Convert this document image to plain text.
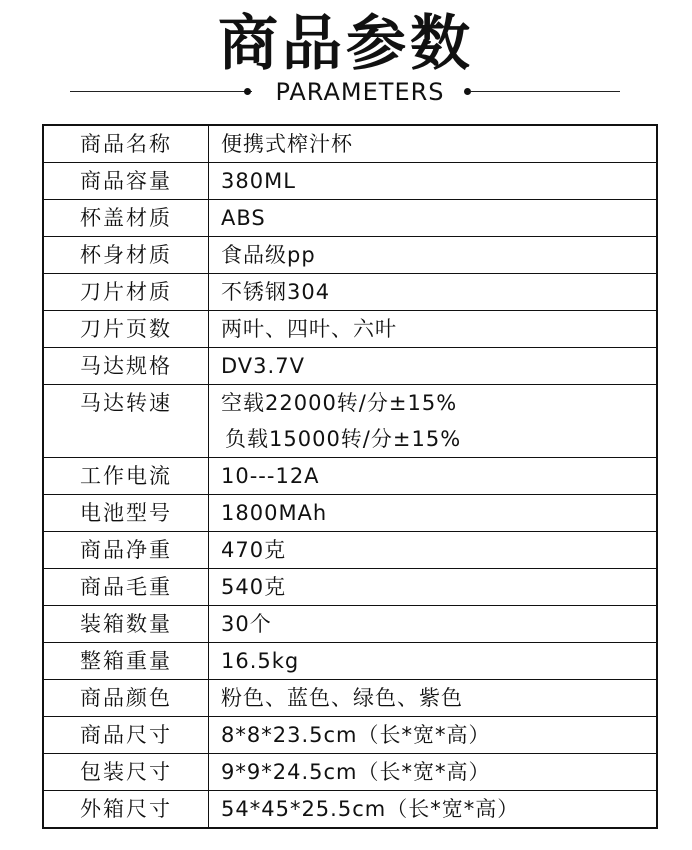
商品参数
PARAMETERS
商品名称	便携式榨汁杯

商品容量	380ML

杯盖材质	ABS

杯身材质	食品级pp

刀片材质	不锈钢304

刀片页数	两叶、四叶、六叶

马达规格	DV3.7V

马达转速	空载22000转/分±15%
负载15000转/分±15%

工作电流	10---12A

电池型号	1800MAh

商品净重	470克

商品毛重	540克

装箱数量	30个

整箱重量	16.5kg

商品颜色	粉色、蓝色、绿色、紫色

商品尺寸	8*8*23.5cm（长*宽*高）

包装尺寸	9*9*24.5cm（长*宽*高）

外箱尺寸	54*45*25.5cm（长*宽*高）
